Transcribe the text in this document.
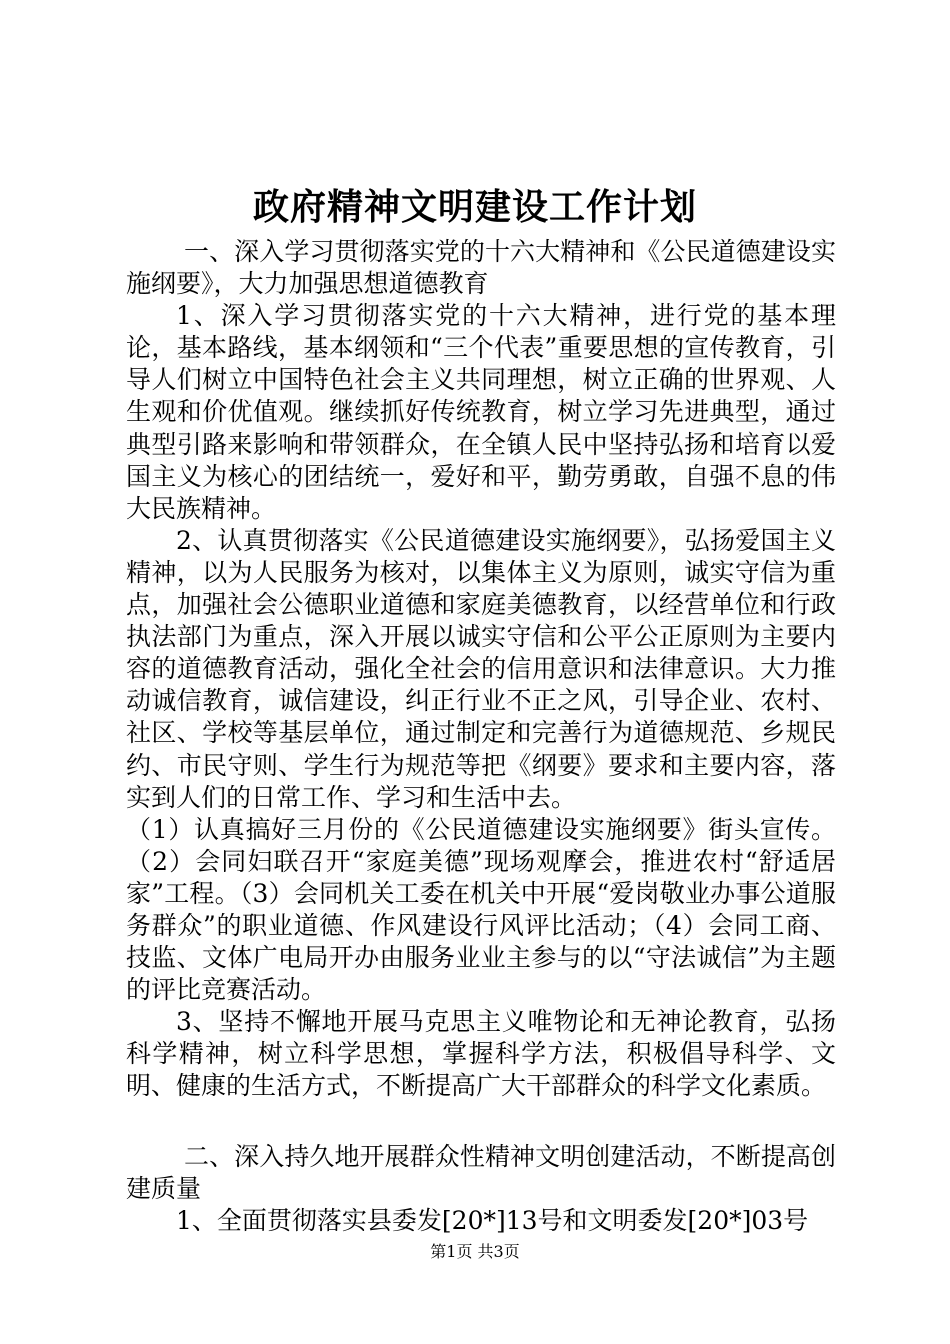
政府精神文明建设工作计划

一、深入学习贯彻落实党的十六大精神和《公民道德建设实施纲要》，大力加强思想道德教育

1、深入学习贯彻落实党的十六大精神，进行党的基本理论，基本路线，基本纲领和“三个代表”重要思想的宣传教育，引导人们树立中国特色社会主义共同理想，树立正确的世界观、人生观和价优值观。继续抓好传统教育，树立学习先进典型，通过典型引路来影响和带领群众，在全镇人民中坚持弘扬和培育以爱国主义为核心的团结统一，爱好和平，勤劳勇敢，自强不息的伟大民族精神。

2、认真贯彻落实《公民道德建设实施纲要》，弘扬爱国主义精神，以为人民服务为核对，以集体主义为原则，诚实守信为重点，加强社会公德职业道德和家庭美德教育，以经营单位和行政执法部门为重点，深入开展以诚实守信和公平公正原则为主要内容的道德教育活动，强化全社会的信用意识和法律意识。大力推动诚信教育，诚信建设，纠正行业不正之风，引导企业、农村、社区、学校等基层单位，通过制定和完善行为道德规范、乡规民约、市民守则、学生行为规范等把《纲要》要求和主要内容，落实到人们的日常工作、学习和生活中去。

（1）认真搞好三月份的《公民道德建设实施纲要》街头宣传。（2）会同妇联召开“家庭美德”现场观摩会，推进农村“舒适居家”工程。（3）会同机关工委在机关中开展“爱岗敬业办事公道服务群众”的职业道德、作风建设行风评比活动；（4）会同工商、技监、文体广电局开办由服务业业主参与的以“守法诚信”为主题的评比竞赛活动。

3、坚持不懈地开展马克思主义唯物论和无神论教育，弘扬科学精神，树立科学思想，掌握科学方法，积极倡导科学、文明、健康的生活方式，不断提高广大干部群众的科学文化素质。

二、深入持久地开展群众性精神文明创建活动，不断提高创建质量

1、全面贯彻落实县委发[20*]13号和文明委发[20*]03号

第1页 共3页
